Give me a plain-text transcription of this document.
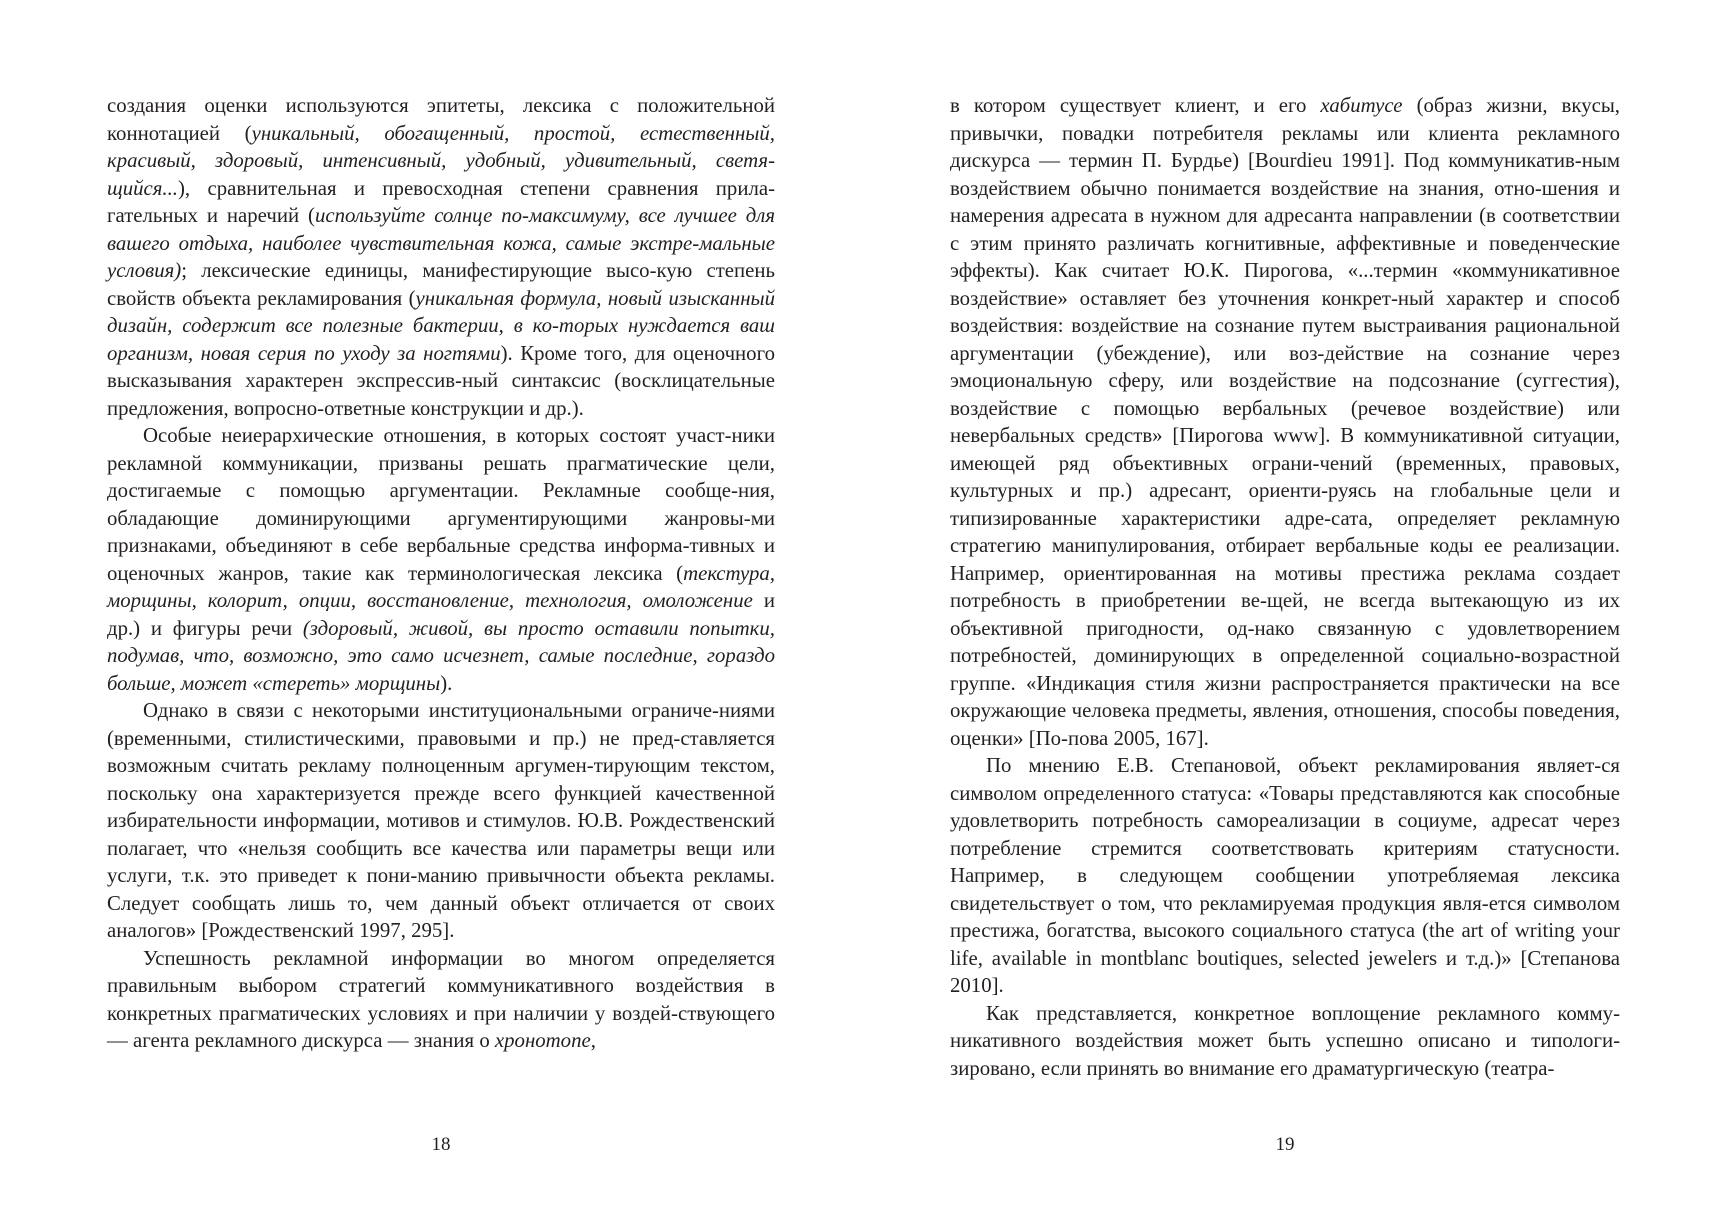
создания оценки используются эпитеты, лексика с положительной коннотацией (уникальный, обогащенный, простой, естественный, красивый, здоровый, интенсивный, удобный, удивительный, светя-щийся...), сравнительная и превосходная степени сравнения прила-гательных и наречий (используйте солнце по-максимуму, все лучшее для вашего отдыха, наиболее чувствительная кожа, самые экстре-мальные условия); лексические единицы, манифестирующие высо-кую степень свойств объекта рекламирования (уникальная формула, новый изысканный дизайн, содержит все полезные бактерии, в ко-торых нуждается ваш организм, новая серия по уходу за ногтями). Кроме того, для оценочного высказывания характерен экспрессив-ный синтаксис (восклицательные предложения, вопросно-ответные конструкции и др.).

Особые неиерархические отношения, в которых состоят участ-ники рекламной коммуникации, призваны решать прагматические цели, достигаемые с помощью аргументации. Рекламные сообще-ния, обладающие доминирующими аргументирующими жанровы-ми признаками, объединяют в себе вербальные средства информа-тивных и оценочных жанров, такие как терминологическая лексика (текстура, морщины, колорит, опции, восстановление, технология, омоложение и др.) и фигуры речи (здоровый, живой, вы просто оставили попытки, подумав, что, возможно, это само исчезнет, самые последние, гораздо больше, может «стереть» морщины).

Однако в связи с некоторыми институциональными ограниче-ниями (временными, стилистическими, правовыми и пр.) не пред-ставляется возможным считать рекламу полноценным аргумен-тирующим текстом, поскольку она характеризуется прежде всего функцией качественной избирательности информации, мотивов и стимулов. Ю.В. Рождественский полагает, что «нельзя сообщить все качества или параметры вещи или услуги, т.к. это приведет к пони-манию привычности объекта рекламы. Следует сообщать лишь то, чем данный объект отличается от своих аналогов» [Рождественский 1997, 295].

Успешность рекламной информации во многом определяется правильным выбором стратегий коммуникативного воздействия в конкретных прагматических условиях и при наличии у воздей-ствующего — агента рекламного дискурса — знания о хронотопе,

18

в котором существует клиент, и его хабитусе (образ жизни, вкусы, привычки, повадки потребителя рекламы или клиента рекламного дискурса — термин П. Бурдье) [Bourdieu 1991]. Под коммуникатив-ным воздействием обычно понимается воздействие на знания, отно-шения и намерения адресата в нужном для адресанта направлении (в соответствии с этим принято различать когнитивные, аффективные и поведенческие эффекты). Как считает Ю.К. Пирогова, «...термин «коммуникативное воздействие» оставляет без уточнения конкрет-ный характер и способ воздействия: воздействие на сознание путем выстраивания рациональной аргументации (убеждение), или воз-действие на сознание через эмоциональную сферу, или воздействие на подсознание (суггестия), воздействие с помощью вербальных (речевое воздействие) или невербальных средств» [Пирогова www]. В коммуникативной ситуации, имеющей ряд объективных ограни-чений (временных, правовых, культурных и пр.) адресант, ориенти-руясь на глобальные цели и типизированные характеристики адре-сата, определяет рекламную стратегию манипулирования, отбирает вербальные коды ее реализации. Например, ориентированная на мотивы престижа реклама создает потребность в приобретении ве-щей, не всегда вытекающую из их объективной пригодности, од-нако связанную с удовлетворением потребностей, доминирующих в определенной социально-возрастной группе. «Индикация стиля жизни распространяется практически на все окружающие человека предметы, явления, отношения, способы поведения, оценки» [По-пова 2005, 167].

По мнению Е.В. Степановой, объект рекламирования являет-ся символом определенного статуса: «Товары представляются как способные удовлетворить потребность самореализации в социуме, адресат через потребление стремится соответствовать критериям статусности. Например, в следующем сообщении употребляемая лексика свидетельствует о том, что рекламируемая продукция явля-ется символом престижа, богатства, высокого социального статуса (the art of writing your life, available in montblanc boutiques, selected jewelers и т.д.)» [Степанова 2010].

Как представляется, конкретное воплощение рекламного комму-никативного воздействия может быть успешно описано и типологи-зировано, если принять во внимание его драматургическую (театра-

19
